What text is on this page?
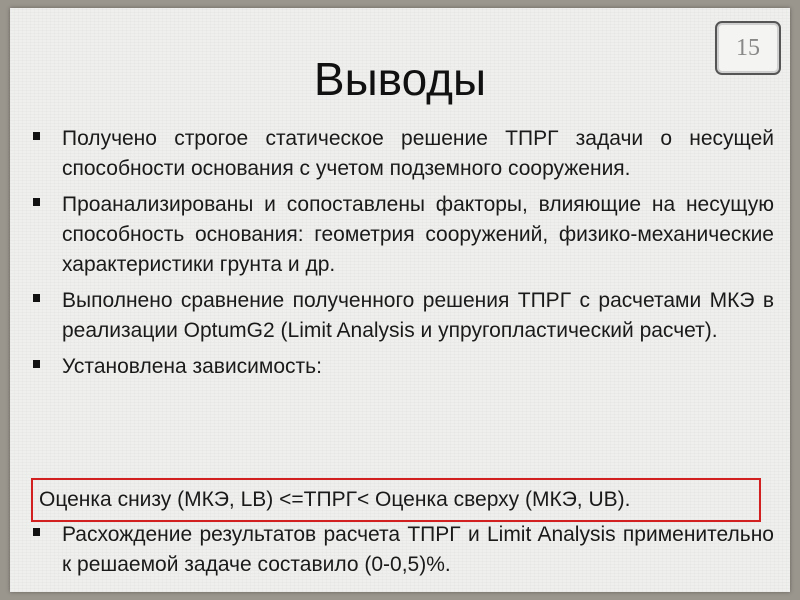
Выводы
15
Получено строгое статическое решение ТПРГ задачи о несущей способности основания с учетом подземного сооружения.
Проанализированы и сопоставлены факторы, влияющие на несущую способность основания: геометрия сооружений, физико-механические характеристики грунта и др.
Выполнено сравнение полученного решения ТПРГ с расчетами МКЭ в реализации OptumG2 (Limit Analysis и упругопластический расчет).
Установлена зависимость:
Оценка снизу (МКЭ, LB) <=ТПРГ< Оценка сверху (МКЭ, UB).
Расхождение результатов расчета ТПРГ и Limit Analysis применительно к решаемой задаче составило (0-0,5)%.
